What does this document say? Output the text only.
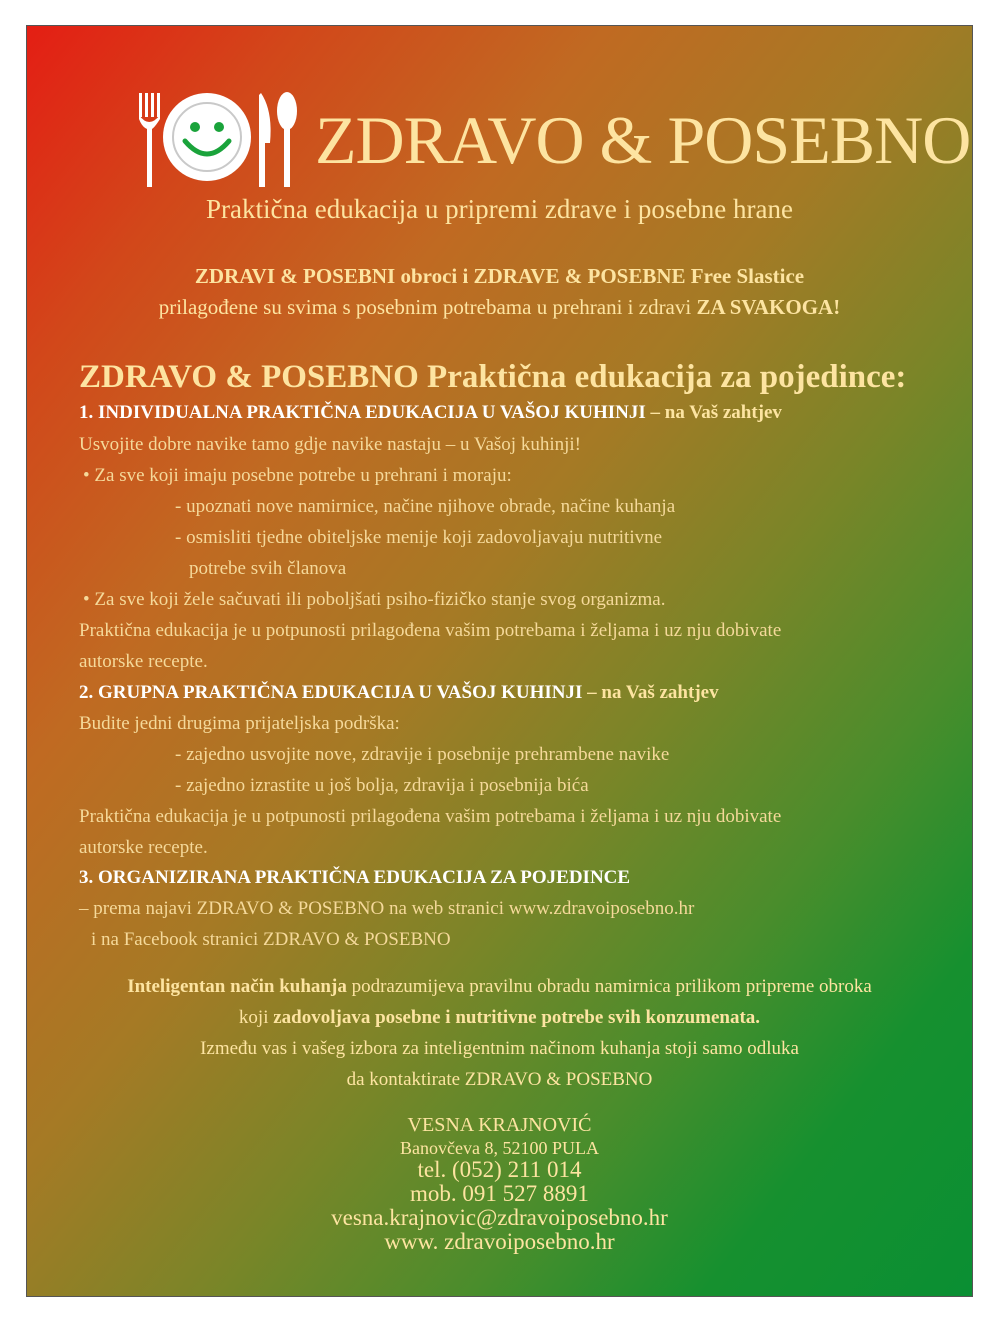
ZDRAVO & POSEBNO
Praktična edukacija u pripremi zdrave i posebne hrane
ZDRAVI & POSEBNI obroci i ZDRAVE & POSEBNE Free Slastice
prilagođene su svima s posebnim potrebama u prehrani i zdravi ZA SVAKOGA!
ZDRAVO & POSEBNO Praktična edukacija za pojedince:
1. INDIVIDUALNA PRAKTIČNA EDUKACIJA U VAŠOJ KUHINJI – na Vaš zahtjev
Usvojite dobre navike tamo gdje navike nastaju – u Vašoj kuhinji!
• Za sve koji imaju posebne potrebe u prehrani i moraju:
- upoznati nove namirnice, načine njihove obrade, načine kuhanja
- osmisliti tjedne obiteljske menije koji zadovoljavaju nutritivne
potrebe svih članova
• Za sve koji žele sačuvati ili poboljšati psiho-fizičko stanje svog organizma.
Praktična edukacija je u potpunosti prilagođena vašim potrebama i željama i uz nju dobivate
autorske recepte.
2. GRUPNA PRAKTIČNA EDUKACIJA U VAŠOJ KUHINJI – na Vaš zahtjev
Budite jedni drugima prijateljska podrška:
- zajedno usvojite nove, zdravije i posebnije prehrambene navike
- zajedno izrastite u još bolja, zdravija i posebnija bića
Praktična edukacija je u potpunosti prilagođena vašim potrebama i željama i uz nju dobivate
autorske recepte.
3. ORGANIZIRANA PRAKTIČNA EDUKACIJA ZA POJEDINCE
– prema najavi ZDRAVO & POSEBNO na web stranici www.zdravoiposebno.hr
i na Facebook stranici ZDRAVO & POSEBNO
Inteligentan način kuhanja podrazumijeva pravilnu obradu namirnica prilikom pripreme obroka
koji zadovoljava posebne i nutritivne potrebe svih konzumenata.
Između vas i vašeg izbora za inteligentnim načinom kuhanja stoji samo odluka
da kontaktirate ZDRAVO & POSEBNO
VESNA KRAJNOVIĆ
Banovčeva 8, 52100 PULA
tel. (052) 211 014
mob. 091 527 8891
vesna.krajnovic@zdravoiposebno.hr
www. zdravoiposebno.hr
